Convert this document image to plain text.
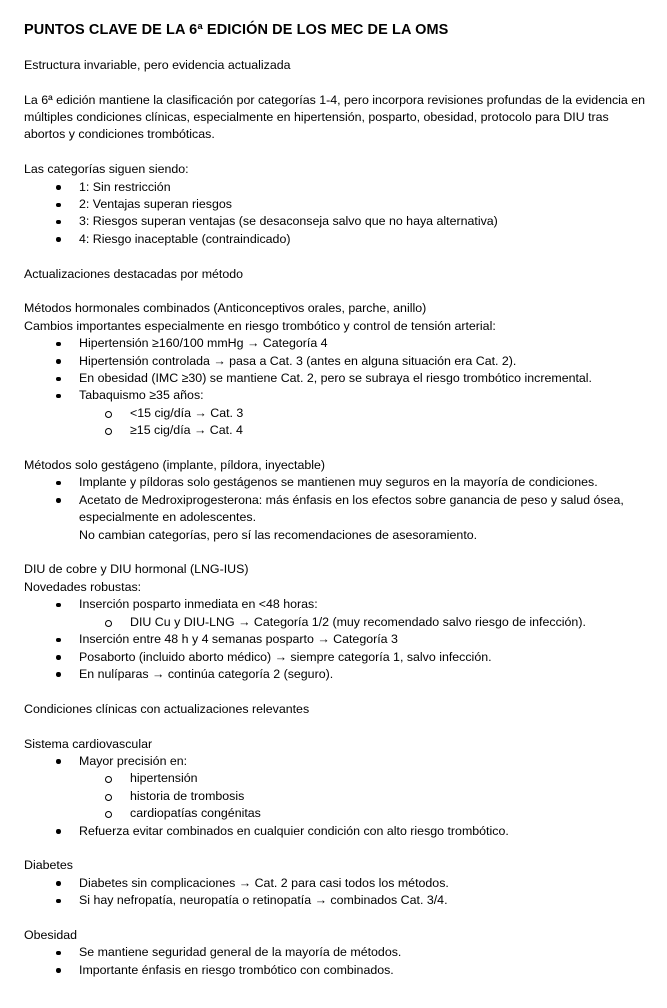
PUNTOS CLAVE DE LA 6ª EDICIÓN DE LOS MEC DE LA OMS
Estructura invariable, pero evidencia actualizada
La 6ª edición mantiene la clasificación por categorías 1-4, pero incorpora revisiones profundas de la evidencia en múltiples condiciones clínicas, especialmente en hipertensión, posparto, obesidad, protocolo para DIU tras abortos y condiciones trombóticas.
Las categorías siguen siendo:
1: Sin restricción
2: Ventajas superan riesgos
3: Riesgos superan ventajas (se desaconseja salvo que no haya alternativa)
4: Riesgo inaceptable (contraindicado)
Actualizaciones destacadas por método
Métodos hormonales combinados (Anticonceptivos orales, parche, anillo)
Cambios importantes especialmente en riesgo trombótico y control de tensión arterial:
Hipertensión ≥160/100 mmHg → Categoría 4
Hipertensión controlada → pasa a Cat. 3 (antes en alguna situación era Cat. 2).
En obesidad (IMC ≥30) se mantiene Cat. 2, pero se subraya el riesgo trombótico incremental.
Tabaquismo ≥35 años:
<15 cig/día → Cat. 3
≥15 cig/día → Cat. 4
Métodos solo gestágeno (implante, píldora, inyectable)
Implante y píldoras solo gestágenos se mantienen muy seguros en la mayoría de condiciones.
Acetato de Medroxiprogesterona: más énfasis en los efectos sobre ganancia de peso y salud ósea, especialmente en adolescentes.
No cambian categorías, pero sí las recomendaciones de asesoramiento.
DIU de cobre y DIU hormonal (LNG-IUS)
Novedades robustas:
Inserción posparto inmediata en <48 horas:
DIU Cu y DIU-LNG → Categoría 1/2 (muy recomendado salvo riesgo de infección).
Inserción entre 48 h y 4 semanas posparto → Categoría 3
Posaborto (incluido aborto médico) → siempre categoría 1, salvo infección.
En nulíparas → continúa categoría 2 (seguro).
Condiciones clínicas con actualizaciones relevantes
Sistema cardiovascular
Mayor precisión en:
hipertensión
historia de trombosis
cardiopatías congénitas
Refuerza evitar combinados en cualquier condición con alto riesgo trombótico.
Diabetes
Diabetes sin complicaciones → Cat. 2 para casi todos los métodos.
Si hay nefropatía, neuropatía o retinopatía → combinados Cat. 3/4.
Obesidad
Se mantiene seguridad general de la mayoría de métodos.
Importante énfasis en riesgo trombótico con combinados.
